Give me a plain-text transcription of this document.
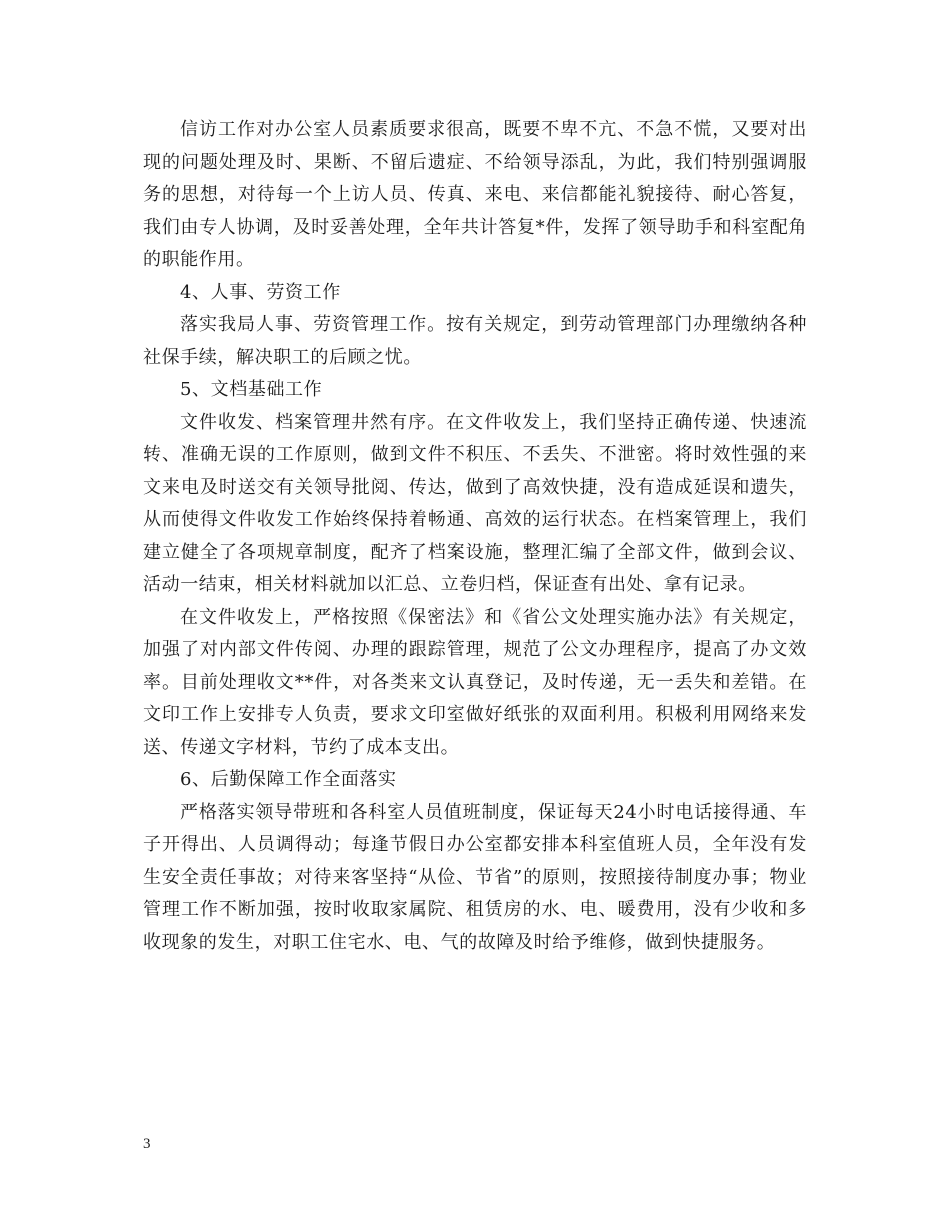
信访工作对办公室人员素质要求很高，既要不卑不亢、不急不慌，又要对出现的问题处理及时、果断、不留后遗症、不给领导添乱，为此，我们特别强调服务的思想，对待每一个上访人员、传真、来电、来信都能礼貌接待、耐心答复，我们由专人协调，及时妥善处理，全年共计答复*件，发挥了领导助手和科室配角的职能作用。

4、人事、劳资工作

落实我局人事、劳资管理工作。按有关规定，到劳动管理部门办理缴纳各种社保手续，解决职工的后顾之忧。

5、文档基础工作

文件收发、档案管理井然有序。在文件收发上，我们坚持正确传递、快速流转、准确无误的工作原则，做到文件不积压、不丢失、不泄密。将时效性强的来文来电及时送交有关领导批阅、传达，做到了高效快捷，没有造成延误和遗失，从而使得文件收发工作始终保持着畅通、高效的运行状态。在档案管理上，我们建立健全了各项规章制度，配齐了档案设施，整理汇编了全部文件，做到会议、活动一结束，相关材料就加以汇总、立卷归档，保证查有出处、拿有记录。

在文件收发上，严格按照《保密法》和《省公文处理实施办法》有关规定，加强了对内部文件传阅、办理的跟踪管理，规范了公文办理程序，提高了办文效率。目前处理收文**件，对各类来文认真登记，及时传递，无一丢失和差错。在文印工作上安排专人负责，要求文印室做好纸张的双面利用。积极利用网络来发送、传递文字材料，节约了成本支出。

6、后勤保障工作全面落实

严格落实领导带班和各科室人员值班制度，保证每天24小时电话接得通、车子开得出、人员调得动；每逢节假日办公室都安排本科室值班人员，全年没有发生安全责任事故；对待来客坚持“从俭、节省”的原则，按照接待制度办事；物业管理工作不断加强，按时收取家属院、租赁房的水、电、暖费用，没有少收和多收现象的发生，对职工住宅水、电、气的故障及时给予维修，做到快捷服务。

3
